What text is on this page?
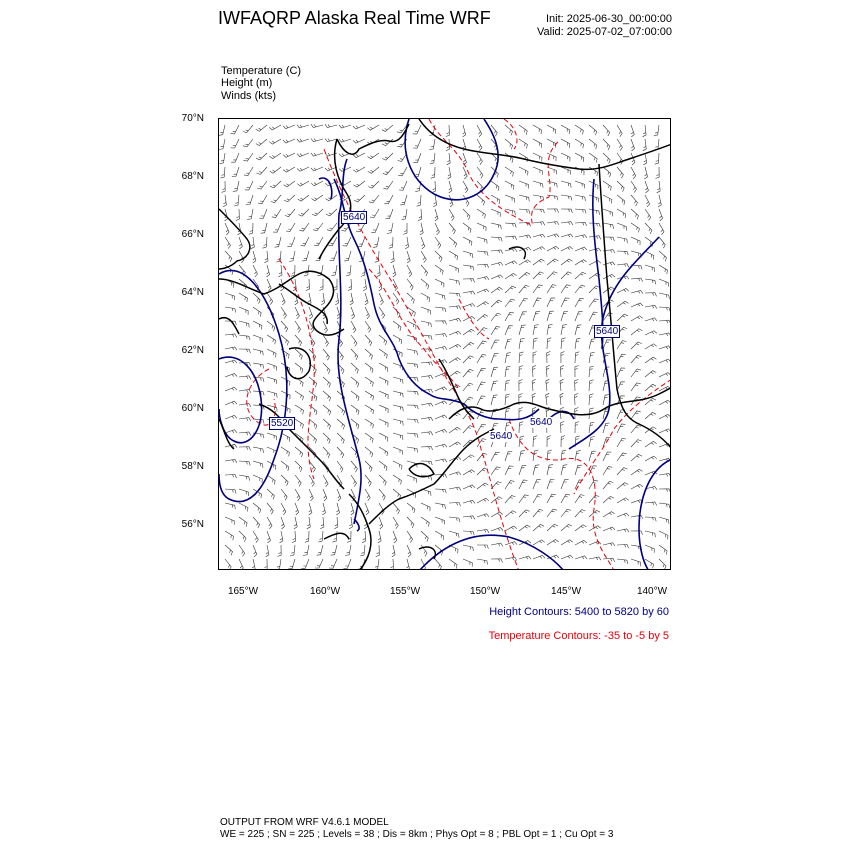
IWFAQRP Alaska Real Time WRF	Init: 2025-06-30_00:00:00
Valid: 2025-07-02_07:00:00
Temperature (C)
Height (m)
Winds (kts)
70°N
68°N
66°N
64°N
62°N
60°N
58°N
56°N
5640
5640
5520
5640
5640
165°W	160°W	155°W	150°W	145°W	140°W
Height Contours: 5400 to 5820 by 60
Temperature Contours: -35 to -5 by 5
OUTPUT FROM WRF V4.6.1 MODEL
WE = 225 ; SN = 225 ; Levels = 38 ; Dis = 8km ; Phys Opt = 8 ; PBL Opt = 1 ; Cu Opt = 3
